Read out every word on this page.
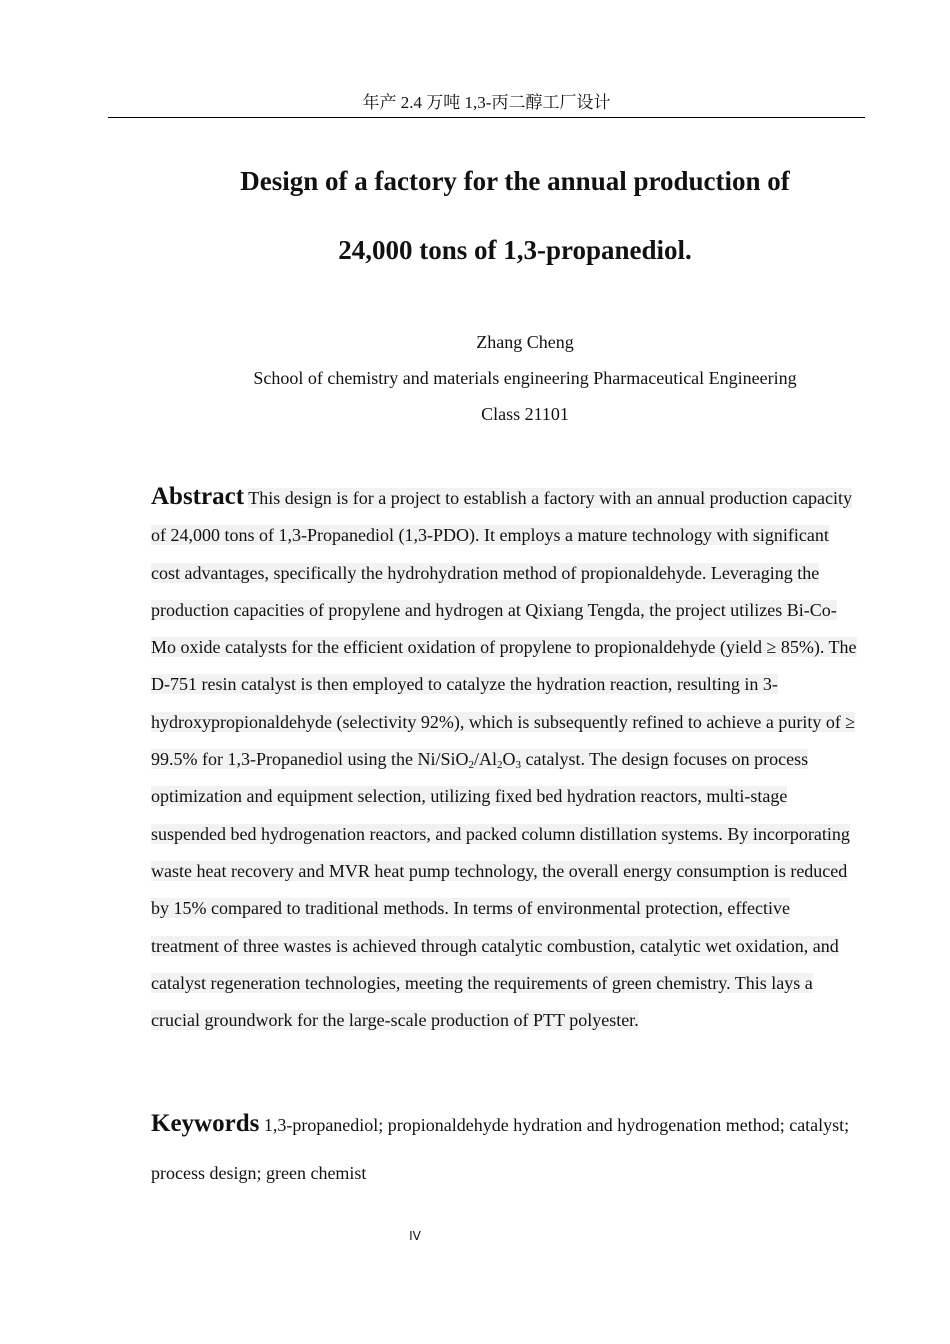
年产 2.4 万吨 1,3-丙二醇工厂设计
Design of a factory for the annual production of
24,000 tons of 1,3-propanediol.

Zhang Cheng

School of chemistry and materials engineering Pharmaceutical Engineering

Class 21101

Abstract This design is for a project to establish a factory with an annual production capacity of 24,000 tons of 1,3-Propanediol (1,3-PDO). It employs a mature technology with significant cost advantages, specifically the hydrohydration method of propionaldehyde. Leveraging the production capacities of propylene and hydrogen at Qixiang Tengda, the project utilizes Bi-Co-Mo oxide catalysts for the efficient oxidation of propylene to propionaldehyde (yield ≥ 85%). The D-751 resin catalyst is then employed to catalyze the hydration reaction, resulting in 3-hydroxypropionaldehyde (selectivity 92%), which is subsequently refined to achieve a purity of ≥ 99.5% for 1,3-Propanediol using the $Ni/SiO_2/Al_2O_3$ catalyst. The design focuses on process optimization and equipment selection, utilizing fixed bed hydration reactors, multi-stage suspended bed hydrogenation reactors, and packed column distillation systems. By incorporating waste heat recovery and MVR heat pump technology, the overall energy consumption is reduced by 15% compared to traditional methods. In terms of environmental protection, effective treatment of three wastes is achieved through catalytic combustion, catalytic wet oxidation, and catalyst regeneration technologies, meeting the requirements of green chemistry. This lays a crucial groundwork for the large-scale production of PTT polyester.

Keywords 1,3-propanediol; propionaldehyde hydration and hydrogenation method; catalyst; process design; green chemist

IV
